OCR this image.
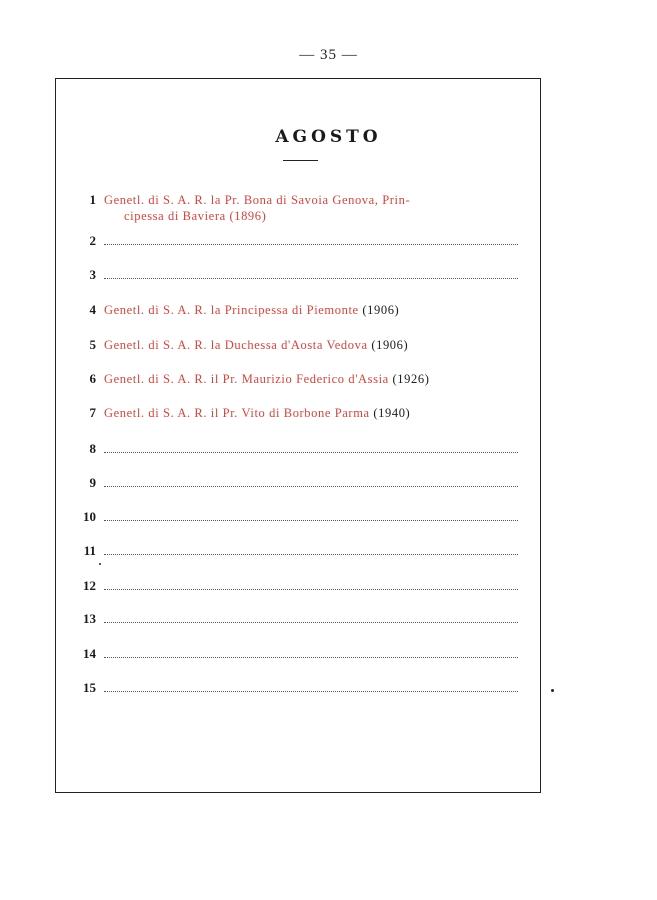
— 35 —
AGOSTO
1 Genetl. di S. A. R. la Pr. Bona di Savoia Genova, Prin-
cipessa di Baviera (1896)
2
3
4 Genetl. di S. A. R. la Principessa di Piemonte (1906)
5 Genetl. di S. A. R. la Duchessa d'Aosta Vedova (1906)
6 Genetl. di S. A. R. il Pr. Maurizio Federico d'Assia (1926)
7 Genetl. di S. A. R. il Pr. Vito di Borbone Parma (1940)
8
9
10
11
12
13
14
15
